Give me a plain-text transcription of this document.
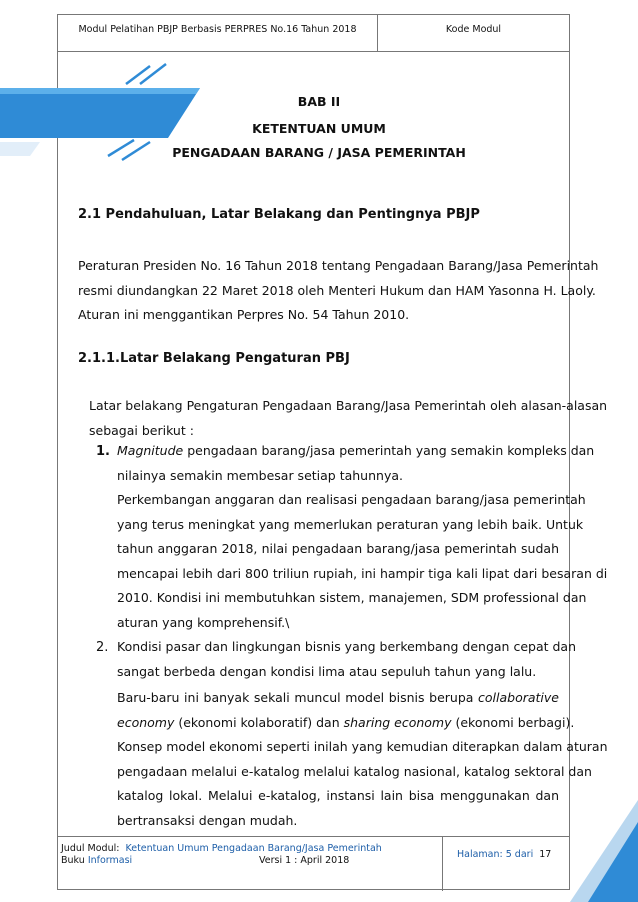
Modul Pelatihan PBJP Berbasis PERPRES No.16 Tahun 2018	Kode Modul
BAB II
KETENTUAN UMUM
PENGADAAN BARANG / JASA PEMERINTAH
2.1 Pendahuluan, Latar Belakang dan Pentingnya PBJP
Peraturan Presiden No. 16 Tahun 2018 tentang Pengadaan Barang/Jasa Pemerintah
resmi diundangkan 22 Maret 2018 oleh Menteri Hukum dan HAM Yasonna H. Laoly.
Aturan ini menggantikan Perpres No. 54 Tahun 2010.
2.1.1.Latar Belakang Pengaturan PBJ
Latar belakang Pengaturan Pengadaan Barang/Jasa Pemerintah oleh alasan-alasan
sebagai berikut :
1. Magnitude pengadaan barang/jasa pemerintah yang semakin kompleks dan
nilainya semakin membesar setiap tahunnya.
Perkembangan anggaran dan realisasi pengadaan barang/jasa pemerintah
yang terus meningkat yang memerlukan peraturan yang lebih baik. Untuk
tahun anggaran 2018, nilai pengadaan barang/jasa pemerintah sudah
mencapai lebih dari 800 triliun rupiah, ini hampir tiga kali lipat dari besaran di
2010. Kondisi ini membutuhkan sistem, manajemen, SDM professional dan
aturan yang komprehensif.\
2. Kondisi pasar dan lingkungan bisnis yang berkembang dengan cepat dan
sangat berbeda dengan kondisi lima atau sepuluh tahun yang lalu.
Baru-baru ini banyak sekali muncul model bisnis berupa collaborative
economy (ekonomi kolaboratif) dan sharing economy (ekonomi berbagi).
Konsep model ekonomi seperti inilah yang kemudian diterapkan dalam aturan
pengadaan melalui e-katalog melalui katalog nasional, katalog sektoral dan
katalog lokal. Melalui e-katalog, instansi lain bisa menggunakan dan
bertransaksi dengan mudah.
Judul Modul: Ketentuan Umum Pengadaan Barang/Jasa Pemerintah
Buku Informasi	Versi 1 : April 2018
Halaman: 5 dari 17
